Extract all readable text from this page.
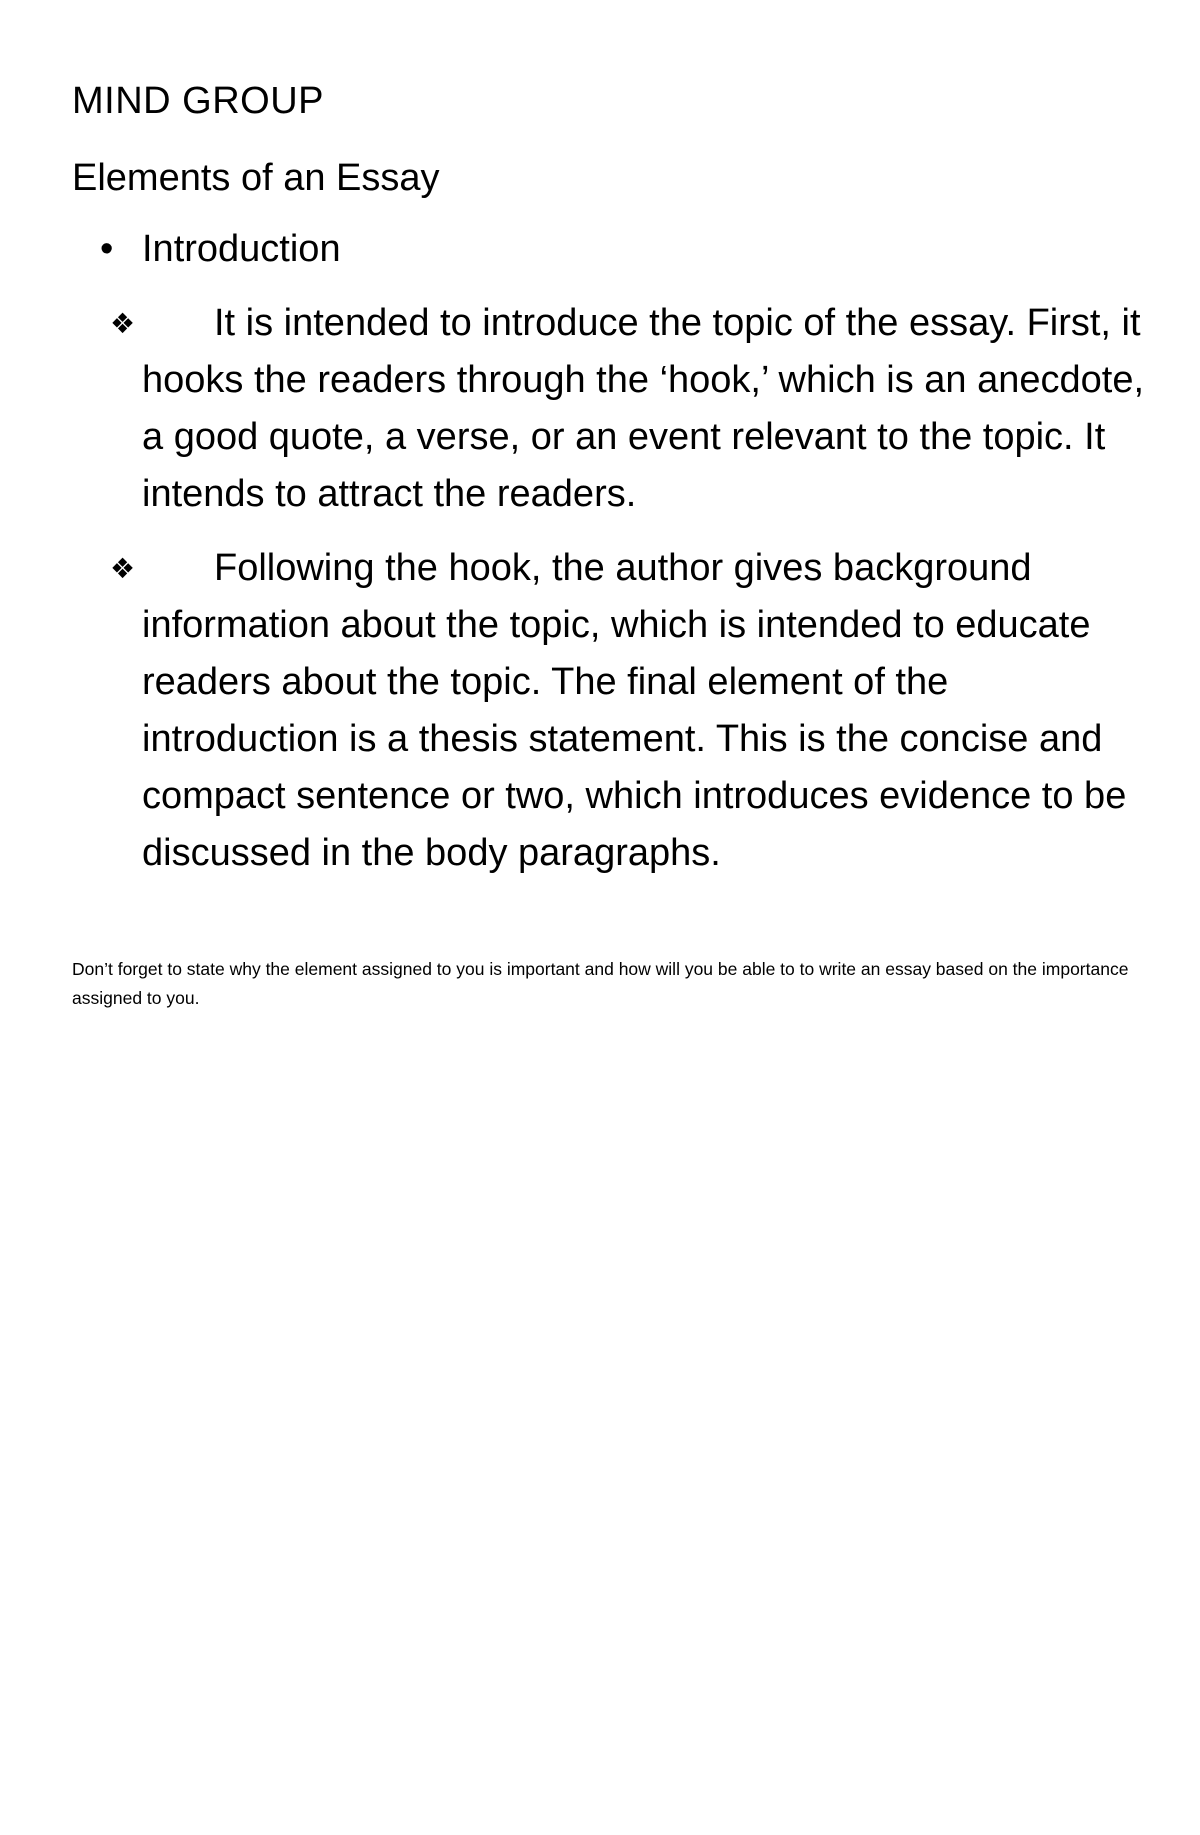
MIND GROUP
Elements of an Essay
• Introduction
❖	It is intended to introduce the topic of the essay. First, it hooks the readers through the ‘hook,’ which is an anecdote, a good quote, a verse, or an event relevant to the topic. It intends to attract the readers.
❖	Following the hook, the author gives background information about the topic, which is intended to educate readers about the topic. The final element of the introduction is a thesis statement. This is the concise and compact sentence or two, which introduces evidence to be discussed in the body paragraphs.

Don’t forget to state why the element assigned to you is important and how will you be able to to write an essay based on the importance assigned to you.
